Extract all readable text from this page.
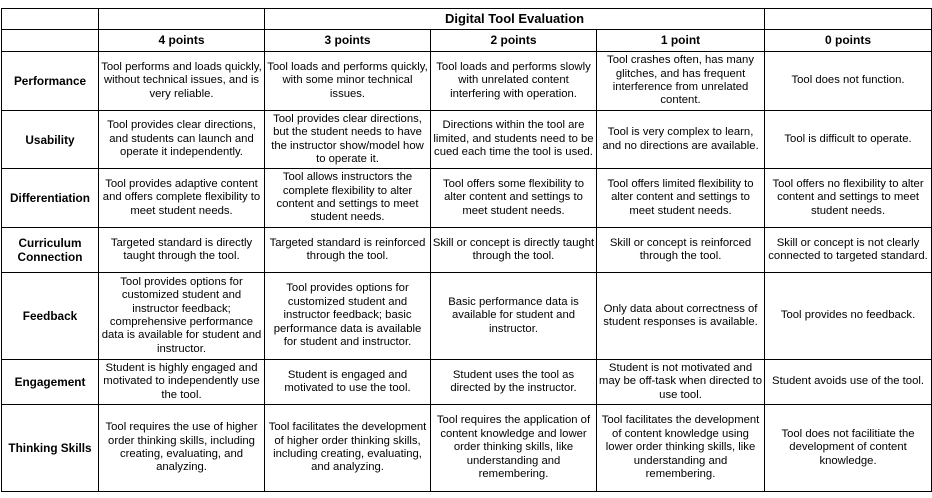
		Digital Tool Evaluation			
	4 points	3 points	2 points	1 point	0 points
Performance	Tool performs and loads quickly, without technical issues, and is very reliable.	Tool loads and performs quickly, with some minor technical issues.	Tool loads and performs slowly with unrelated content interfering with operation.	Tool crashes often, has many glitches, and has frequent interference from unrelated content.	Tool does not function.
Usability	Tool provides clear directions, and students can launch and operate it independently.	Tool provides clear directions, but the student needs to have the instructor show/model how to operate it.	Directions within the tool are limited, and students need to be cued each time the tool is used.	Tool is very complex to learn, and no directions are available.	Tool is difficult to operate.
Differentiation	Tool provides adaptive content and offers complete flexibility to meet student needs.	Tool allows instructors the complete flexibility to alter content and settings to meet student needs.	Tool offers some flexibility to alter content and settings to meet student needs.	Tool offers limited flexibility to alter content and settings to meet student needs.	Tool offers no flexibility to alter content and settings to meet student needs.
Curriculum Connection	Targeted standard is directly taught through the tool.	Targeted standard is reinforced through the tool.	Skill or concept is directly taught through the tool.	Skill or concept is reinforced through the tool.	Skill or concept is not clearly connected to targeted standard.
Feedback	Tool provides options for customized student and instructor feedback; comprehensive performance data is available for student and instructor.	Tool provides options for customized student and instructor feedback; basic performance data is available for student and instructor.	Basic performance data is available for student and instructor.	Only data about correctness of student responses is available.	Tool provides no feedback.
Engagement	Student is highly engaged and motivated to independently use the tool.	Student is engaged and motivated to use the tool.	Student uses the tool as directed by the instructor.	Student is not motivated and may be off-task when directed to use tool.	Student avoids use of the tool.
Thinking Skills	Tool requires the use of higher order thinking skills, including creating, evaluating, and analyzing.	Tool facilitates the development of higher order thinking skills, including creating, evaluating, and analyzing.	Tool requires the application of content knowledge and lower order thinking skills, like understanding and remembering.	Tool facilitates the development of content knowledge using lower order thinking skills, like understanding and remembering.	Tool does not facilitiate the development of content knowledge.
